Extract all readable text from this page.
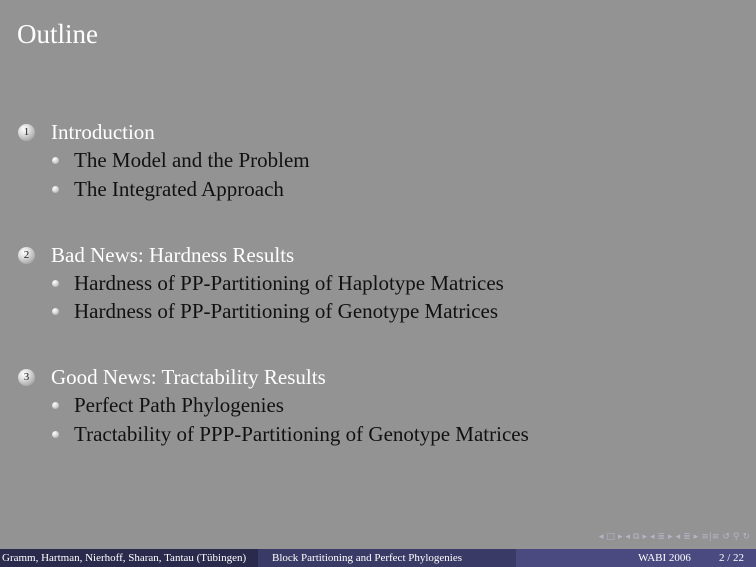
Outline
1 Introduction
The Model and the Problem
The Integrated Approach
2 Bad News: Hardness Results
Hardness of PP-Partitioning of Haplotype Matrices
Hardness of PP-Partitioning of Genotype Matrices
3 Good News: Tractability Results
Perfect Path Phylogenies
Tractability of PPP-Partitioning of Genotype Matrices
◂ □ ▸ ◂ ⧉ ▸ ◂ ≣ ▸ ◂ ≣ ▸ ≡|≡ ↺ ⚲ ↻
Gramm, Hartman, Nierhoff, Sharan, Tantau (Tübingen)	Block Partitioning and Perfect Phylogenies	WABI 2006	2 / 22
